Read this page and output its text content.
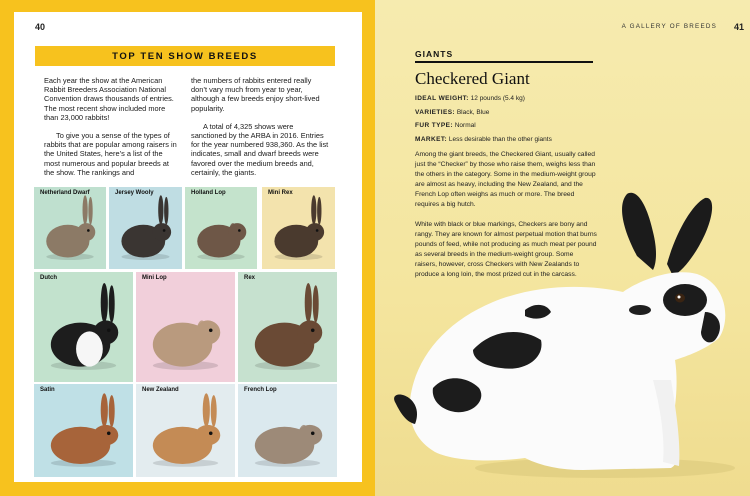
40
TOP TEN SHOW BREEDS

Each year the show at the American Rabbit Breeders Association National Convention draws thousands of entries. The most recent show included more than 23,000 rabbits!

To give you a sense of the types of rabbits that are popular among raisers in the United States, here’s a list of the most numerous and popular breeds at the show. The rankings and

the numbers of rabbits entered really don’t vary much from year to year, although a few breeds enjoy short-lived popularity.

A total of 4,325 shows were sanctioned by the ARBA in 2016. Entries for the year numbered 938,360. As the list indicates, small and dwarf breeds were favored over the medium breeds and, certainly, the giants.

Netherland Dwarf	Jersey Wooly	Holland Lop	Mini Rex
Dutch	Mini Lop	Rex
Satin	New Zealand	French Lop
A GALLERY OF BREEDS 41
GIANTS
Checkered Giant
IDEAL WEIGHT: 12 pounds (5.4 kg)
VARIETIES: Black, Blue
FUR TYPE: Normal
MARKET: Less desirable than the other giants

Among the giant breeds, the Checkered Giant, usually called just the “Checker” by those who raise them, weighs less than the others in the category. Some in the medium-weight group are almost as heavy, including the New Zealand, and the French Lop often weighs as much or more. The breed requires a big hutch.

White with black or blue markings, Checkers are bony and rangy. They are known for almost perpetual motion that burns pounds of feed, while not producing as much meat per pound as several breeds in the medium-weight group. Some raisers, however, cross Checkers with New Zealands to produce a long loin, the most prized cut in the carcass.
